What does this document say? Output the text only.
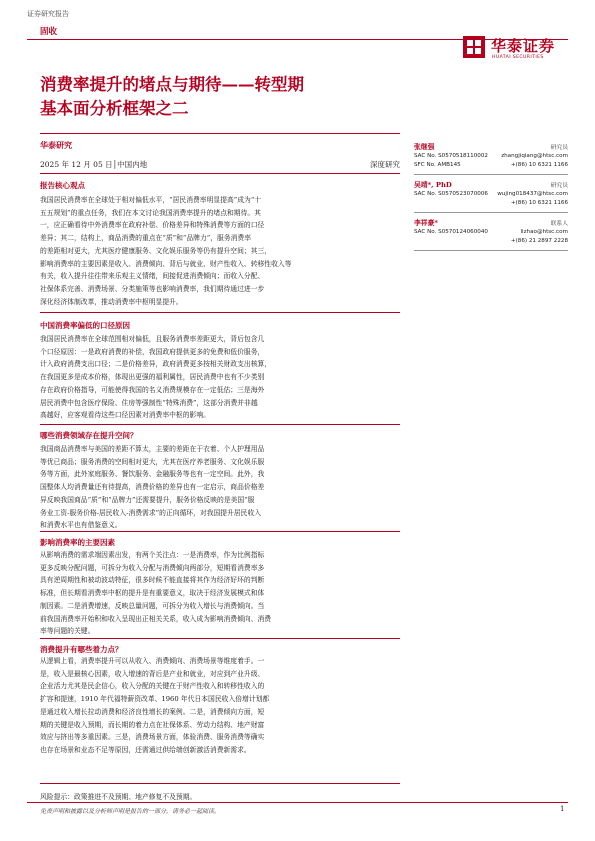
证券研究报告
固收
华泰证券
HUATAI SECURITIES
消费率提升的堵点与期待——转型期
基本面分析框架之二
华泰研究
2025 年 12 月 05 日│中国内地	深度研究
报告核心观点
我国居民消费率在全球处于相对偏低水平，“居民消费率明显提高”成为“十
五五规划”的重点任务，我们在本文讨论我国消费率提升的堵点和期待。其
一，应正确看待中外消费率在政府补偿、价格差异和特殊消费等方面的口径
差异；其二，结构上，商品消费的重点在“质”和“品牌力”，服务消费率
的差距相对更大，尤其医疗健康服务、文化娱乐服务等仍有提升空间；其三，
影响消费率的主要因素是收入、消费倾向、背后与就业、财产性收入、转移性收入等
有关，收入提升往往带来乐观主义情绪，间接促进消费倾向；而收入分配、
社保体系完善、消费场景、分类施策等也影响消费率，我们期待通过进一步
深化经济体制改革，推动消费率中枢明显提升。
中国消费率偏低的口径原因
我国居民消费率在全球范围相对偏低，且服务消费率差距更大，背后包含几
个口径原因：一是政府消费的补偿，我国政府提供更多的免费和低价服务，
计入政府消费支出口径；二是价格差异，政府消费更多按相关财政支出核算，
在我国更多是成本价格，体现出更强的福利属性，居民消费中也有不少类别
存在政府价格指导，可能使得我国的名义消费规模存在一定低估；三是海外
居民消费中包含医疗保险、住房等强制性“特殊消费”，这部分消费并非越
高越好，应客观看待这些口径因素对消费率中枢的影响。
哪些消费领域存在提升空间？
我国商品消费率与美国的差距不算太，主要的差距在于衣着、个人护理用品
等优已商品；服务消费的空间相对更大，尤其在医疗养老服务、文化娱乐服
务等方面，此外家庭服务、餐饮服务、金融服务等也有一定空间。此外，我
国整体人均消费量还有待提高，消费价格的差异也有一定启示，商品价格差
异反映我国商品“质”和“品牌力”还需要提升，服务价格反映的是美国“服
务业工资-服务价格-居民收入-消费需求”的正向循环，对我国提升居民收入
和消费水平也有借鉴意义。
影响消费率的主要因素
从影响消费的需求端因素出发，有两个关注点：一是消费率，作为比例指标
更多反映分配问题，可拆分为收入分配与消费倾向两部分，短期看消费率多
具有逆周期性和被动波动特征，很多时候不能直接将其作为经济好坏的判断
标准，但长期看消费率中枢的提升是有重要意义，取决于经济发展模式和体
制因素。二是消费增速，反映总量问题，可拆分为收入增长与消费倾向。当
前我国消费率开始积和收入呈现出正相关关系，收入成为影响消费倾向、消费
率等问题的关键。
消费提升有哪些着力点？
从逻辑上看，消费率提升可以从收入、消费倾向、消费场景等维度着手。一
是，收入是最核心因素，收入增速的背后是产业和就业，对应到产业升级、
企业活力尤其是民企信心，收入分配的关键在于财产性收入和转移性收入的
扩容和提速，1910 年代福特薪资改革、1960 年代日本国民收入倍增计划都
是通过收入增长拉动消费和经济良性增长的案例。二是，消费倾向方面，短
期的关键是收入预期，而长期的着力点在社保体系、劳动力结构、地产财富
效应与挤出等多重因素。三是，消费场景方面，体验消费、服务消费等确实
也存在场景和业态不足等原因，还需通过供给端创新激活消费新需求。
风险提示：政策推进不及预期、地产修复不及预期。
张继强	研究员
SAC No. S0570518110002 zhangjiqiang@htsc.com
SFC No. AMB145	+(86) 10 6321 1166
吴靖*, PhD	研究员
SAC No. S0570523070006 wujing018437@htsc.com
+(86) 10 6321 1166
李祥豪*	联系人
SAC No. S0570124060040	lizhao@htsc.com
+(86) 21 2897 2228
免责声明和披露以及分析师声明是报告的一部分，请务必一起阅读。	1
